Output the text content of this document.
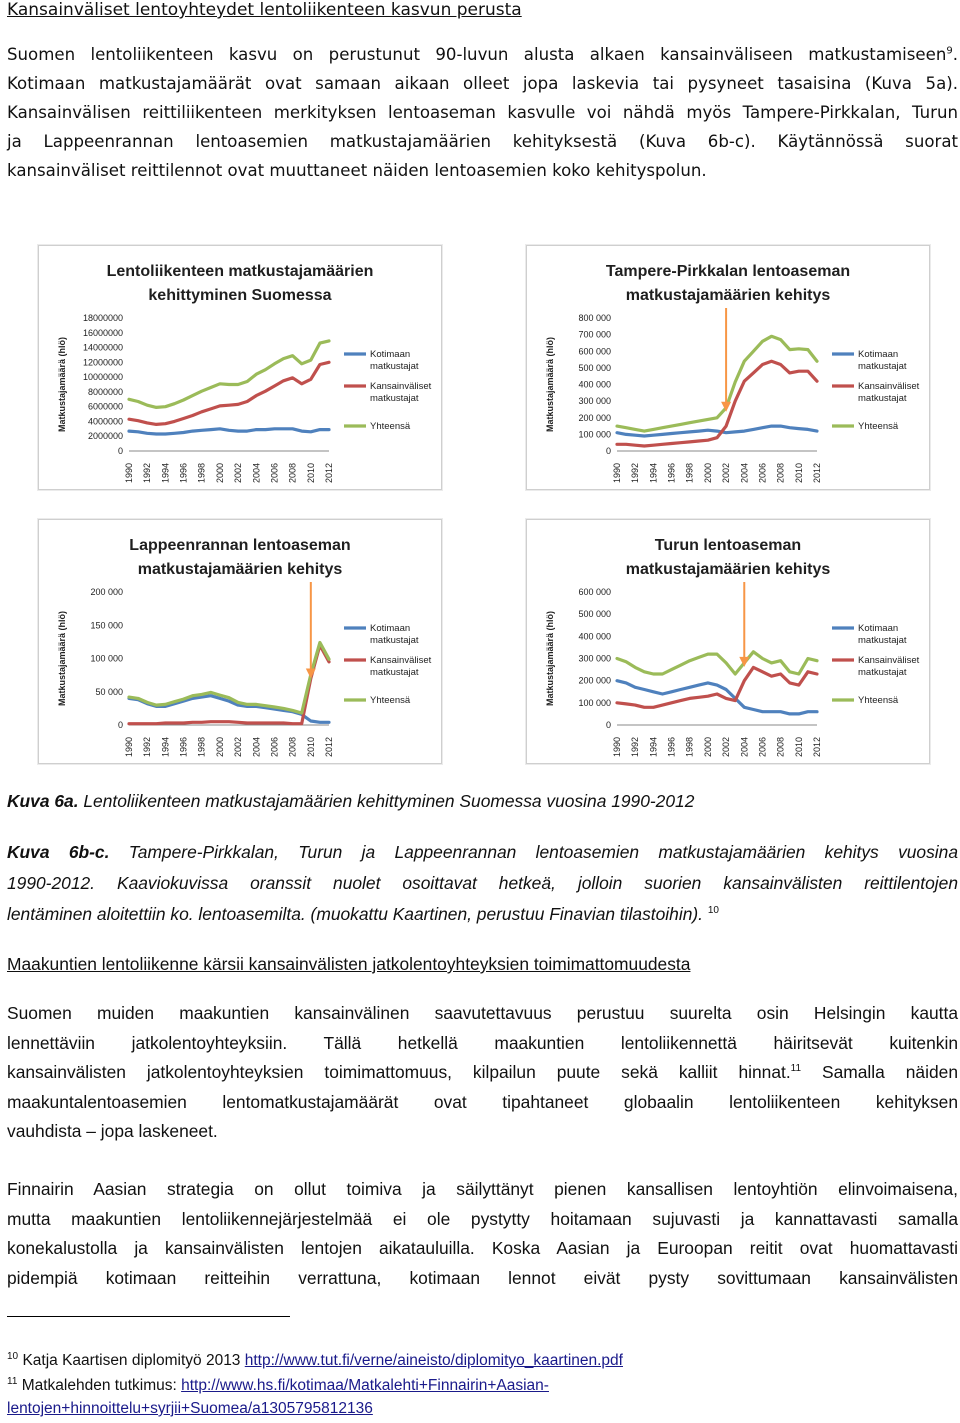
Kansainväliset lentoyhteydet lentoliikenteen kasvun perusta
Suomen lentoliikenteen kasvu on perustunut 90-luvun alusta alkaen kansainväliseen matkustamiseen$^9$.
Kotimaan matkustajamäärät ovat samaan aikaan olleet jopa laskevia tai pysyneet tasaisina (Kuva 5a).
Kansainvälisen reittiliikenteen merkityksen lentoaseman kasvulle voi nähdä myös Tampere-Pirkkalan, Turun
ja Lappeenrannan lentoasemien matkustajamäärien kehityksestä (Kuva 6b-c). Käytännössä suorat
kansainväliset reittilennot ovat muuttaneet näiden lentoasemien koko kehityspolun.
Lentoliikenteen matkustajamäärien
kehittyminen Suomessa
Matkustajamäärä (hlö)
0
2000000
4000000
6000000
8000000
10000000
12000000
14000000
16000000
18000000
1990 1992 1994 1996 1998 2000 2002 2004 2006 2008 2010 2012
Kotimaan
matkustajat
Kansainväliset
matkustajat
Yhteensä
Tampere-Pirkkalan lentoaseman
matkustajamäärien kehitys
Matkustajamäärä (hlö)
0
100 000
200 000
300 000
400 000
500 000
600 000
700 000
800 000
1990 1992 1994 1996 1998 2000 2002 2004 2006 2008 2010 2012
Kotimaan
matkustajat
Kansainväliset
matkustajat
Yhteensä
Lappeenrannan lentoaseman
matkustajamäärien kehitys
Matkustajamäärä (hlö)
0
50 000
100 000
150 000
200 000
1990 1992 1994 1996 1998 2000 2002 2004 2006 2008 2010 2012
Kotimaan
matkustajat
Kansainväliset
matkustajat
Yhteensä
Turun lentoaseman
matkustajamäärien kehitys
Matkustajamäärä (hlö)
0
100 000
200 000
300 000
400 000
500 000
600 000
1990 1992 1994 1996 1998 2000 2002 2004 2006 2008 2010 2012
Kotimaan
matkustajat
Kansainväliset
matkustajat
Yhteensä
Kuva 6a. Lentoliikenteen matkustajamäärien kehittyminen Suomessa vuosina 1990-2012
Kuva 6b-c. Tampere-Pirkkalan, Turun ja Lappeenrannan lentoasemien matkustajamäärien kehitys vuosina
1990-2012. Kaaviokuvissa oranssit nuolet osoittavat hetkeä, jolloin suorien kansainvälisten reittilentojen
lentäminen aloitettiin ko. lentoasemilta. (muokattu Kaartinen, perustuu Finavian tilastoihin). $^{10}$
Maakuntien lentoliikenne kärsii kansainvälisten jatkolentoyhteyksien toimimattomuudesta
Suomen muiden maakuntien kansainvälinen saavutettavuus perustuu suurelta osin Helsingin kautta
lennettäviin jatkolentoyhteyksiin. Tällä hetkellä maakuntien lentoliikennettä häiritsevät kuitenkin
kansainvälisten jatkolentoyhteyksien toimimattomuus, kilpailun puute sekä kalliit hinnat.$^{11}$ Samalla näiden
maakuntalentoasemien lentomatkustajamäärät ovat tipahtaneet globaalin lentoliikenteen kehityksen
vauhdista – jopa laskeneet.
Finnairin Aasian strategia on ollut toimiva ja säilyttänyt pienen kansallisen lentoyhtiön elinvoimaisena,
mutta maakuntien lentoliikennejärjestelmää ei ole pystytty hoitamaan sujuvasti ja kannattavasti samalla
konekalustolla ja kansainvälisten lentojen aikatauluilla. Koska Aasian ja Euroopan reitit ovat huomattavasti
pidempiä kotimaan reitteihin verrattuna, kotimaan lennot eivät pysty sovittumaan kansainvälisten
$^{10}$ Katja Kaartisen diplomityö 2013 http://www.tut.fi/verne/aineisto/diplomityo_kaartinen.pdf
$^{11}$ Matkalehden tutkimus: http://www.hs.fi/kotimaa/Matkalehti+Finnairin+Aasian-
lentojen+hinnoittelu+syrjii+Suomea/a1305795812136
